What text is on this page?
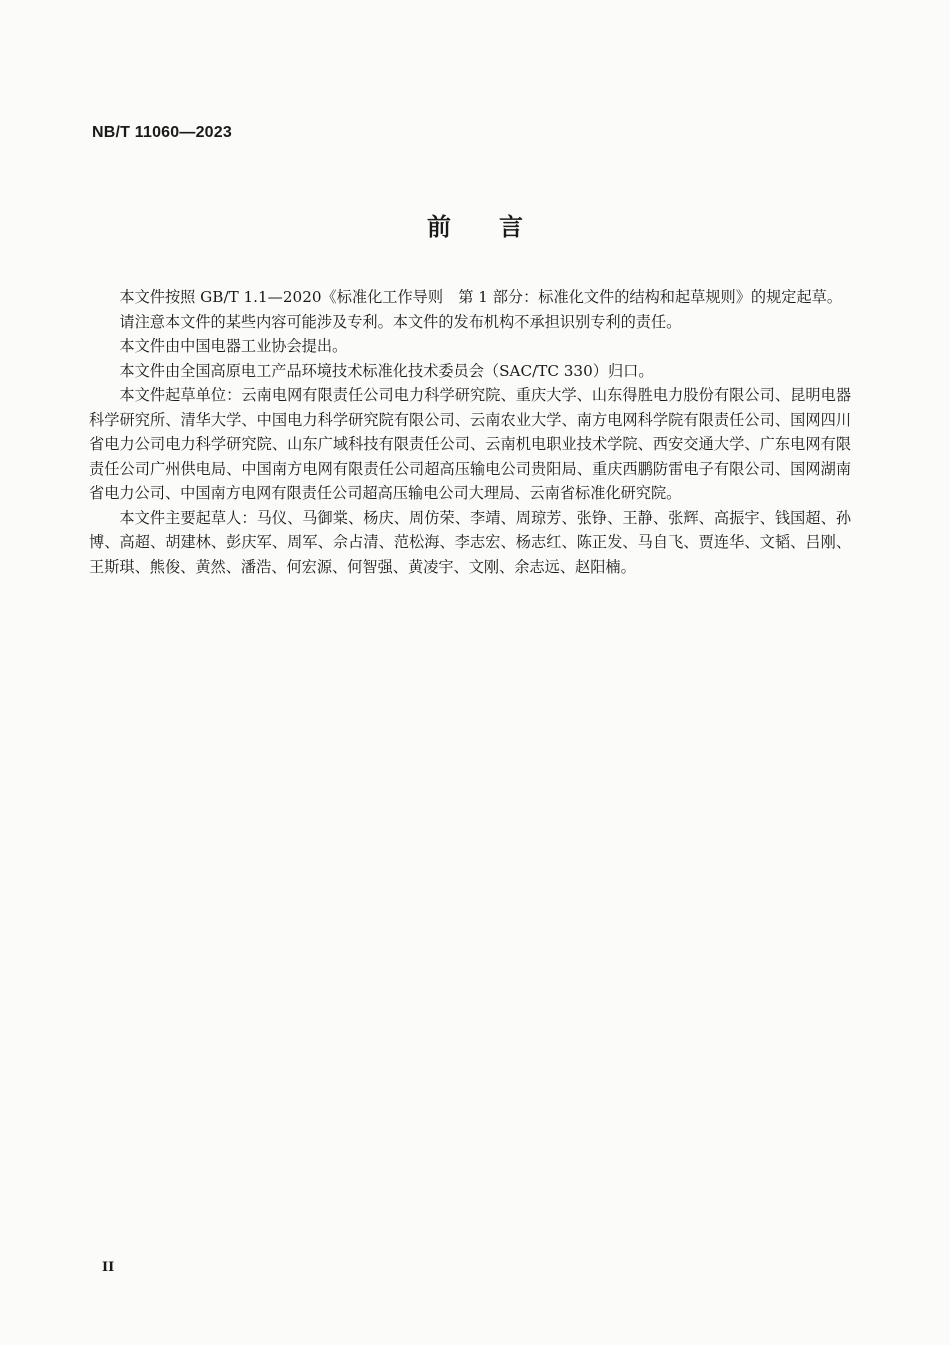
NB/T 11060—2023
前 言

本文件按照 GB/T 1.1—2020《标准化工作导则　第 1 部分：标准化文件的结构和起草规则》的规定起草。

请注意本文件的某些内容可能涉及专利。本文件的发布机构不承担识别专利的责任。

本文件由中国电器工业协会提出。

本文件由全国高原电工产品环境技术标准化技术委员会（SAC/TC 330）归口。

本文件起草单位：云南电网有限责任公司电力科学研究院、重庆大学、山东得胜电力股份有限公司、昆明电器科学研究所、清华大学、中国电力科学研究院有限公司、云南农业大学、南方电网科学院有限责任公司、国网四川省电力公司电力科学研究院、山东广域科技有限责任公司、云南机电职业技术学院、西安交通大学、广东电网有限责任公司广州供电局、中国南方电网有限责任公司超高压输电公司贵阳局、重庆西鹏防雷电子有限公司、国网湖南省电力公司、中国南方电网有限责任公司超高压输电公司大理局、云南省标准化研究院。

本文件主要起草人：马仪、马御棠、杨庆、周仿荣、李靖、周琼芳、张铮、王静、张辉、高振宇、钱国超、孙博、高超、胡建林、彭庆军、周军、佘占清、范松海、李志宏、杨志红、陈正发、马自飞、贾连华、文韬、吕刚、王斯琪、熊俊、黄然、潘浩、何宏源、何智强、黄凌宇、文刚、余志远、赵阳楠。

II
